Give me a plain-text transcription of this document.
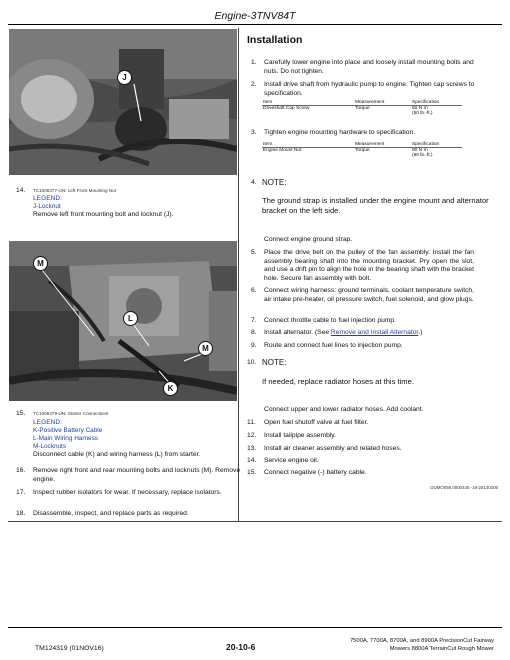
Engine-3TNV84T
J
14. TC1006377-UN: Left Front Mounting Nut
LEGEND:
J-Locknut
Remove left front mounting bolt and locknut (J).
M
L
M
K
15. TC1006379-UN: Starter Connections
LEGEND:
K-Positive Battery Cable
L-Main Wiring Harness
M-Locknuts
Disconnect cable (K) and wiring harness (L) from starter.
16. Remove right front and rear mounting bolts and locknuts (M). Remove engine.
17. Inspect rubber isolators for wear. If necessary, replace isolators.
18. Disassemble, inspect, and replace parts as required.
Installation
1. Carefully lower engine into place and loosely install mounting bolts and nuts. Do not tighten.
2. Install drive shaft from hydraulic pump to engine. Tighten cap screws to specification.
Item	Measurement	Specification
Driveshaft Cap Screw	Torque	50 N·m
(50 lb.-ft.)
3. Tighten engine mounting hardware to specification.
Item	Measurement	Specification
Engine Mount Nut	Torque	80 N·m
(60 lb.-ft.)
4. NOTE:
The ground strap is installed under the engine mount and alternator bracket on the left side.
Connect engine ground strap.
5. Place the drive belt on the pulley of the fan assembly. Install the fan assembly bearing shaft into the mounting bracket. Pry open the slot, and use a drift pin to align the hole in the bearing shaft with the bracket hole. Secure fan assembly with bolt.
6. Connect wiring harness: ground terminals, coolant temperature switch, air intake pre-heater, oil pressure switch, fuel solenoid, and glow plugs.
7. Connect throttle cable to fuel injection pump.
8. Install alternator. (See Remove and Install Alternator.)
9. Route and connect fuel lines to injection pump.
10. NOTE:
If needed, replace radiator hoses at this time.
Connect upper and lower radiator hoses. Add coolant.
11. Open fuel shutoff valve at fuel filter.
12. Install tailpipe assembly.
13. Install air cleaner assembly and related hoses.
14. Service engine oil.
15. Connect negative (-) battery cable.
OUMO058,0000445 -19-20140306
TM124319 (01NOV16)	20-10-6
7500A, 7700A, 8700A, and 8900A PrecisionCut Fairway
Mowers 8800A TerrainCut Rough Mower
